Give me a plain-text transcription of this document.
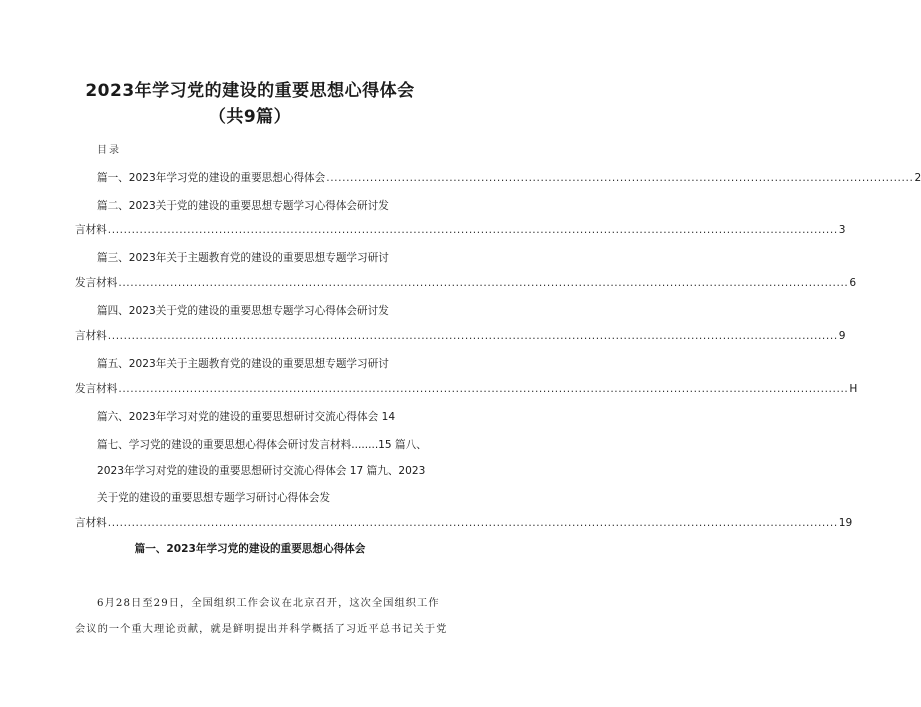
2023年学习党的建设的重要思想心得体会
（共9篇）
目录
篇一、2023年学习党的建设的重要思想心得体会 .................................................................................................................................................... 2
篇二、2023关于党的建设的重要思想专题学习心得体会研讨发
言材料 ........................................................................................................................................................................................ 3
篇三、2023年关于主题教育党的建设的重要思想专题学习研讨
发言材料 ........................................................................................................................................................................................ 6
篇四、2023关于党的建设的重要思想专题学习心得体会研讨发
言材料 ........................................................................................................................................................................................ 9
篇五、2023年关于主题教育党的建设的重要思想专题学习研讨
发言材料 ........................................................................................................................................................................................ H
篇六、2023年学习对党的建设的重要思想研讨交流心得体会 14
篇七、学习党的建设的重要思想心得体会研讨发言材料........15 篇八、
2023年学习对党的建设的重要思想研讨交流心得体会 17 篇九、2023
关于党的建设的重要思想专题学习研讨心得体会发
言材料 ........................................................................................................................................................................................ 19
篇一、2023年学习党的建设的重要思想心得体会
6月28日至29日，全国组织工作会议在北京召开，这次全国组织工作
会议的一个重大理论贡献，就是鲜明提出并科学概括了习近平总书记关于党
